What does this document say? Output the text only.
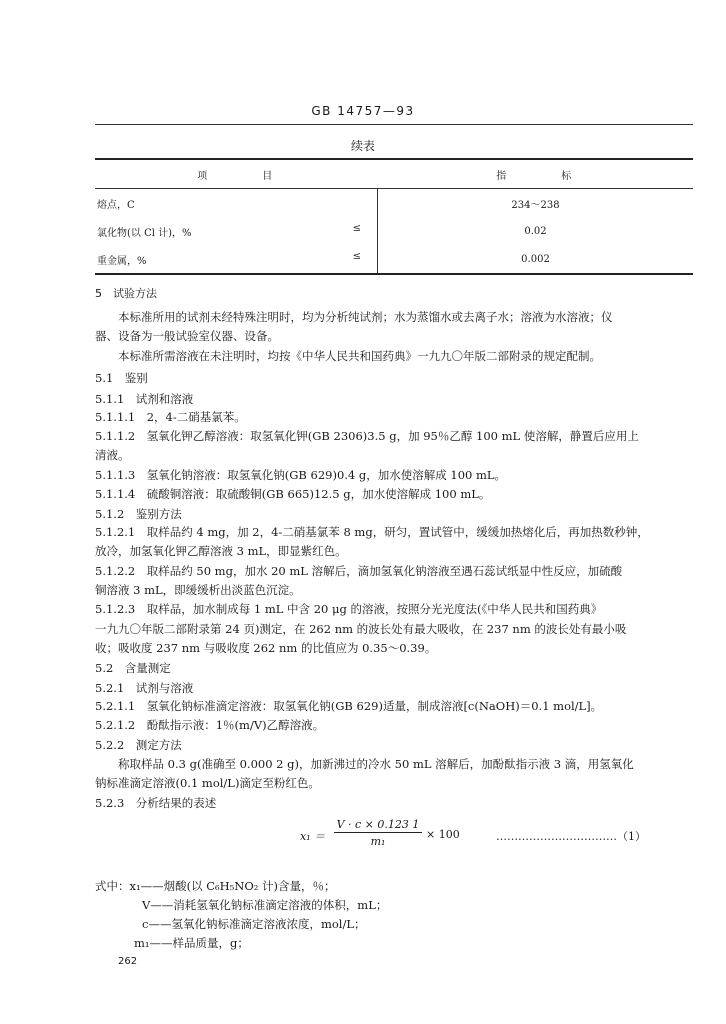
GB 14757—93
续表
项　　　　目	指　　　　标
熔点，C	234～238
氯化物(以 Cl 计)，% ≤	0.02
重金属，% ≤	0.002
5　试验方法
　　本标准所用的试剂未经特殊注明时，均为分析纯试剂；水为蒸馏水或去离子水；溶液为水溶液；仪
器、设备为一般试验室仪器、设备。
　　本标准所需溶液在未注明时，均按《中华人民共和国药典》一九九〇年版二部附录的规定配制。
5.1　鉴别
5.1.1　试剂和溶液
5.1.1.1　2，4-二硝基氯苯。
5.1.1.2　氢氧化钾乙醇溶液：取氢氧化钾(GB 2306)3.5 g，加 95％乙醇 100 mL 使溶解，静置后应用上
清液。
5.1.1.3　氢氧化钠溶液：取氢氧化钠(GB 629)0.4 g，加水使溶解成 100 mL。
5.1.1.4　硫酸铜溶液：取硫酸铜(GB 665)12.5 g，加水使溶解成 100 mL。
5.1.2　鉴别方法
5.1.2.1　取样品约 4 mg，加 2，4-二硝基氯苯 8 mg，研匀，置试管中，缓缓加热熔化后，再加热数秒钟，
放冷，加氢氧化钾乙醇溶液 3 mL，即显紫红色。
5.1.2.2　取样品约 50 mg，加水 20 mL 溶解后，滴加氢氧化钠溶液至遇石蕊试纸显中性反应，加硫酸
铜溶液 3 mL，即缓缓析出淡蓝色沉淀。
5.1.2.3　取样品，加水制成每 1 mL 中含 20 μg 的溶液，按照分光光度法(《中华人民共和国药典》
一九九〇年版二部附录第 24 页)测定，在 262 nm 的波长处有最大吸收，在 237 nm 的波长处有最小吸
收；吸收度 237 nm 与吸收度 262 nm 的比值应为 0.35～0.39。
5.2　含量测定
5.2.1　试剂与溶液
5.2.1.1　氢氧化钠标准滴定溶液：取氢氧化钠(GB 629)适量，制成溶液[c(NaOH)＝0.1 mol/L]。
5.2.1.2　酚酞指示液：1％(m/V)乙醇溶液。
5.2.2　测定方法
　　称取样品 0.3 g(准确至 0.000 2 g)，加新沸过的冷水 50 mL 溶解后，加酚酞指示液 3 滴，用氢氧化
钠标准滴定溶液(0.1 mol/L)滴定至粉红色。
5.2.3　分析结果的表述
$x_1 = \frac{V \cdot c \times 0.123 1}{\text{m₁}} \times 100$	……………………………（1）
式中：x₁——烟酸(以 C₆H₅NO₂ 计)含量，％；
V——消耗氢氧化钠标准滴定溶液的体积，mL；
c——氢氧化钠标准滴定溶液浓度，mol/L；
m₁——样品质量，g；
262
